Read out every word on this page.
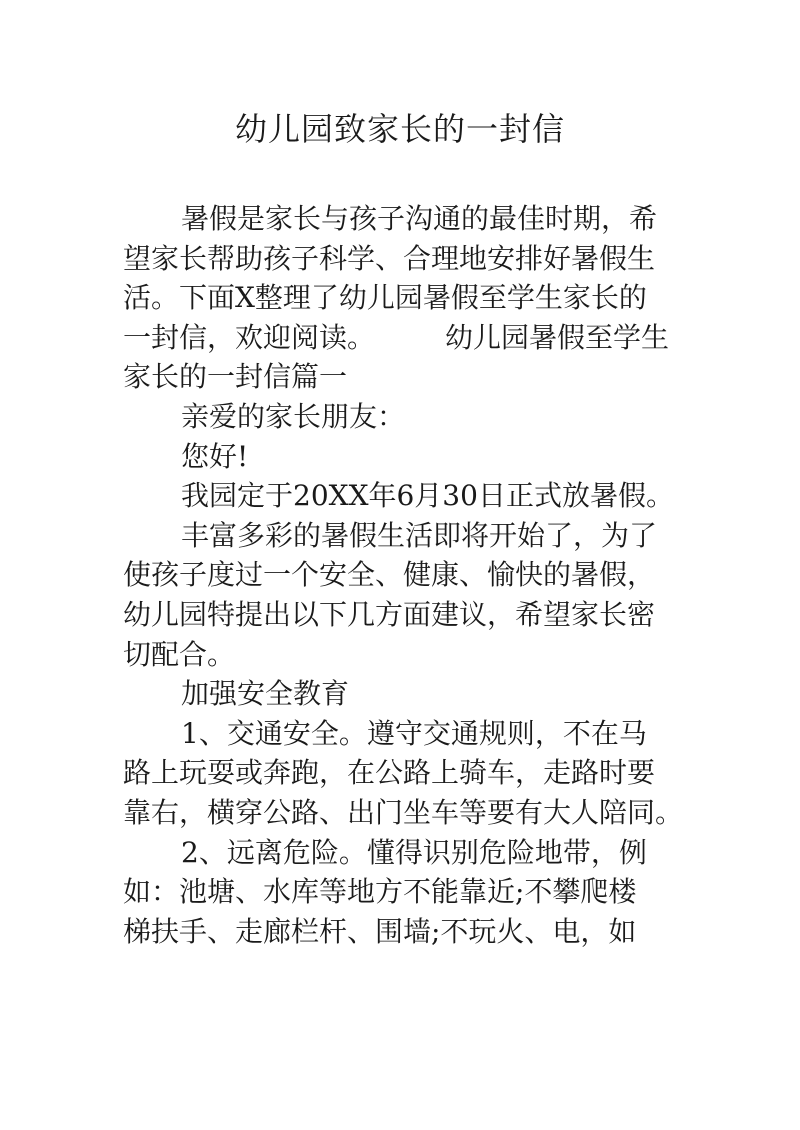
幼儿园致家长的一封信

暑假是家长与孩子沟通的最佳时期，希

望家长帮助孩子科学、合理地安排好暑假生

活。下面X整理了幼儿园暑假至学生家长的

一封信，欢迎阅读。	幼儿园暑假至学生

家长的一封信篇一

亲爱的家长朋友：

您好!

我园定于20XX年6月30日正式放暑假。

丰富多彩的暑假生活即将开始了，为了

使孩子度过一个安全、健康、愉快的暑假，

幼儿园特提出以下几方面建议，希望家长密

切配合。

加强安全教育

1、交通安全。遵守交通规则，不在马

路上玩耍或奔跑，在公路上骑车，走路时要

靠右，横穿公路、出门坐车等要有大人陪同。

2、远离危险。懂得识别危险地带，例

如：池塘、水库等地方不能靠近;不攀爬楼

梯扶手、走廊栏杆、围墙;不玩火、电，如
